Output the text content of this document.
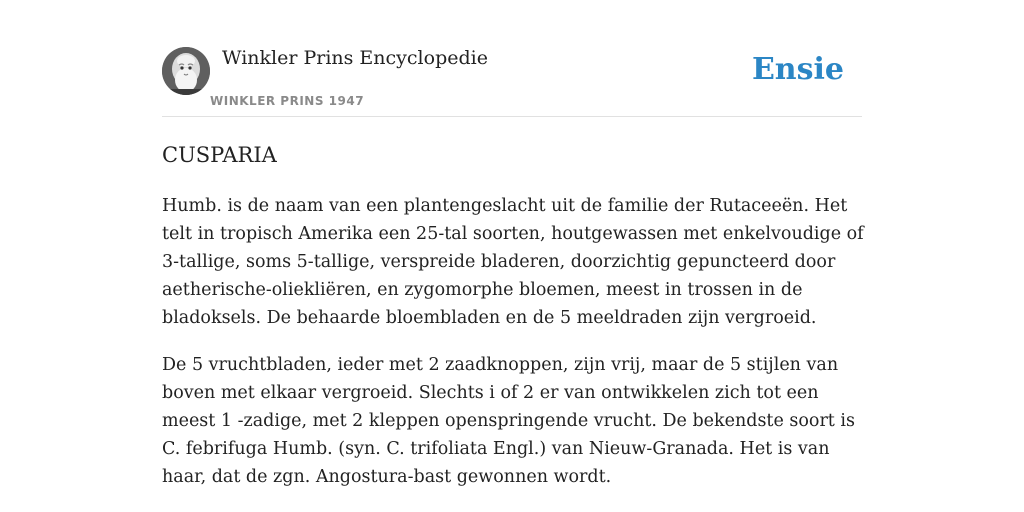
Winkler Prins Encyclopedie
WINKLER PRINS 1947
Ensie
CUSPARIA

Humb. is de naam van een plantengeslacht uit de familie der Rutaceeën. Het telt in tropisch Amerika een 25-tal soorten, houtgewassen met enkelvoudige of 3-tallige, soms 5-tallige, verspreide bladeren, doorzichtig gepuncteerd door aetherische-oliekliëren, en zygomorphe bloemen, meest in trossen in de bladoksels. De behaarde bloembladen en de 5 meeldraden zijn vergroeid.

De 5 vruchtbladen, ieder met 2 zaadknoppen, zijn vrij, maar de 5 stijlen van boven met elkaar vergroeid. Slechts i of 2 er van ontwikkelen zich tot een meest 1 -zadige, met 2 kleppen openspringende vrucht. De bekendste soort is C. febrifuga Humb. (syn. C. trifoliata Engl.) van Nieuw-Granada. Het is van haar, dat de zgn. Angostura-bast gewonnen wordt.
